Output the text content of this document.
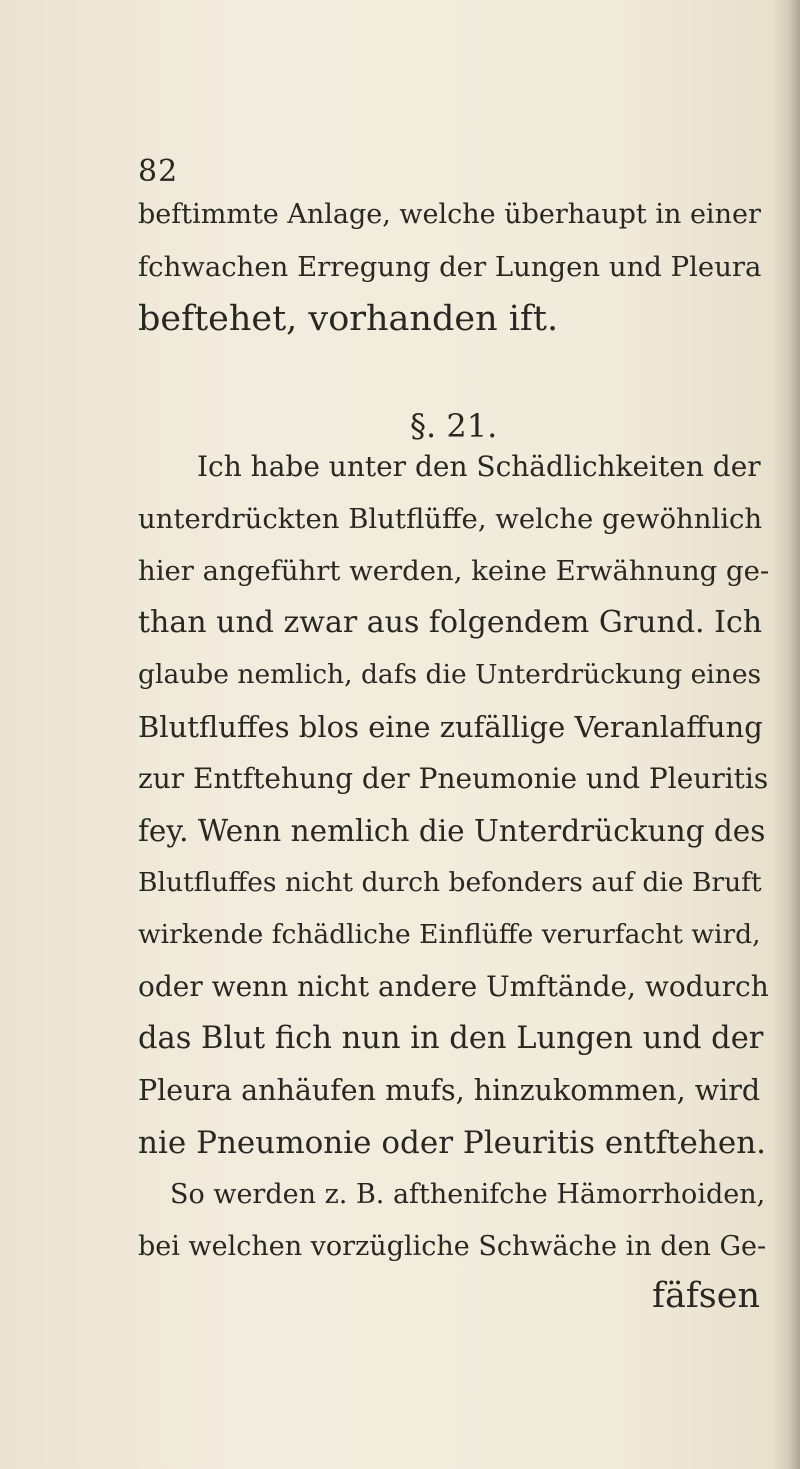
82
beftimmte Anlage, welche überhaupt in einer
fchwachen Erregung der Lungen und Pleura
beftehet, vorhanden ift.
§. 21.
Ich habe unter den Schädlichkeiten der
unterdrückten Blutflüffe, welche gewöhnlich
hier angeführt werden, keine Erwähnung ge-
than und zwar aus folgendem Grund. Ich
glaube nemlich, dafs die Unterdrückung eines
Blutfluffes blos eine zufällige Veranlaffung
zur Entftehung der Pneumonie und Pleuritis
fey. Wenn nemlich die Unterdrückung des
Blutfluffes nicht durch befonders auf die Bruft
wirkende fchädliche Einflüffe verurfacht wird,
oder wenn nicht andere Umftände, wodurch
das Blut fich nun in den Lungen und der
Pleura anhäufen mufs, hinzukommen, wird
nie Pneumonie oder Pleuritis entftehen.
So werden z. B. afthenifche Hämorrhoiden,
bei welchen vorzügliche Schwäche in den Ge-
fäfsen
